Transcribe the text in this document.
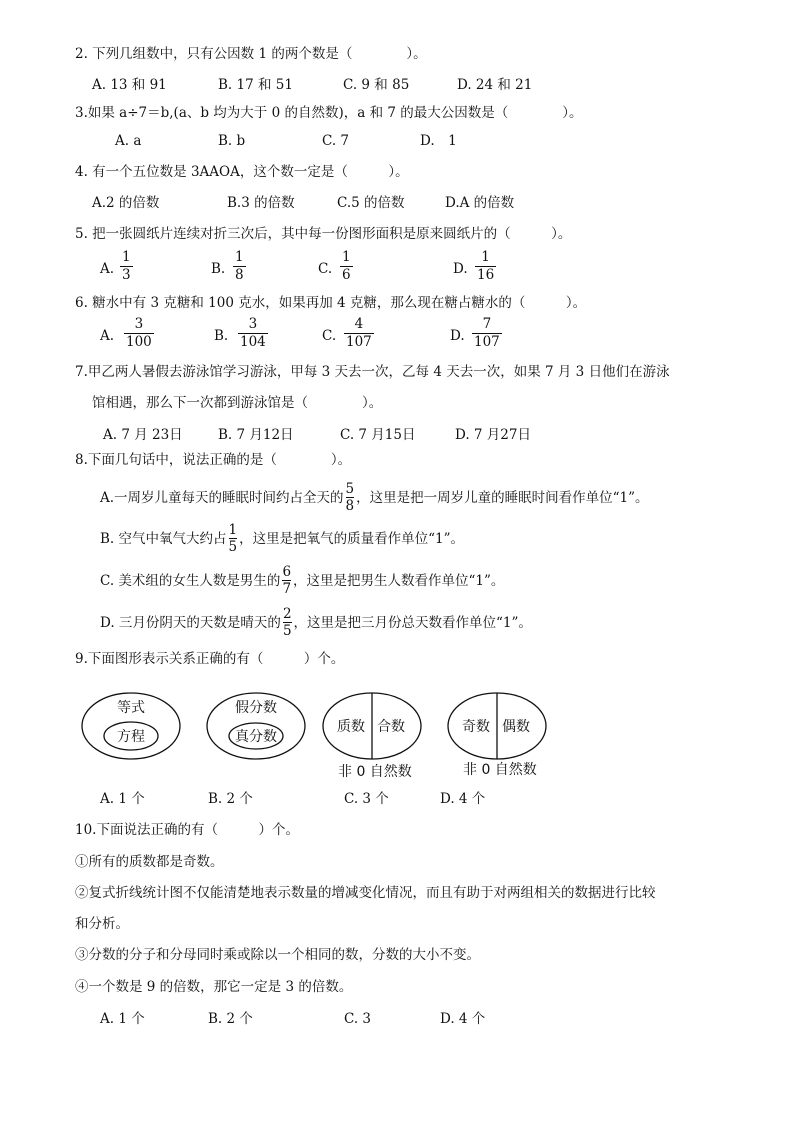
2. 下列几组数中，只有公因数 1 的两个数是（　　　　）。
A. 13 和 91	B. 17 和 51	C. 9 和 85	D. 24 和 21
3.如果 a÷7＝b,(a、b 均为大于 0 的自然数)，a 和 7 的最大公因数是（　　　　）。
A. a	B. b	C. 7	D.　1
4. 有一个五位数是 3AAOA，这个数一定是（　　　）。
A.2 的倍数	B.3 的倍数	C.5 的倍数	D.A 的倍数
5. 把一张圆纸片连续对折三次后，其中每一份图形面积是原来圆纸片的（　　　）。
A.
1
3	B.
1
8	C.
1
6	D.
1
16
6. 糖水中有 3 克糖和 100 克水，如果再加 4 克糖，那么现在糖占糖水的（　　　）。
A.
3
100	B.
3
104	C.
4
107	D.
7
107
7.甲乙两人暑假去游泳馆学习游泳，甲每 3 天去一次，乙每 4 天去一次，如果 7 月 3 日他们在游泳
馆相遇，那么下一次都到游泳馆是（　　　　）。
A. 7 月 23日	B. 7 月12日	C. 7 月15日	D. 7 月27日
8.下面几句话中，说法正确的是（　　　　）。
A.一周岁儿童每天的睡眠时间约占全天的 $\frac{5}{8}$ ，这里是把一周岁儿童的睡眠时间看作单位“1”。
B. 空气中氧气大约占 $\frac{1}{5}$ ，这里是把氧气的质量看作单位“1”。
C. 美术组的女生人数是男生的 $\frac{6}{7}$ ，这里是把男生人数看作单位“1”。
D. 三月份阴天的天数是晴天的 $\frac{2}{5}$ ，这里是把三月份总天数看作单位“1”。
9.下面图形表示关系正确的有（　　　）个。
等式
方程
假分数
真分数
质数 合数	奇数 偶数
非 0 自然数	非 0 自然数
A. 1 个	B. 2 个	C. 3 个	D. 4 个
10.下面说法正确的有（　　　）个。
①所有的质数都是奇数。
②复式折线统计图不仅能清楚地表示数量的增减变化情况，而且有助于对两组相关的数据进行比较
和分析。
③分数的分子和分母同时乘或除以一个相同的数，分数的大小不变。
④一个数是 9 的倍数，那它一定是 3 的倍数。
A. 1 个	B. 2 个	C. 3	D. 4 个
